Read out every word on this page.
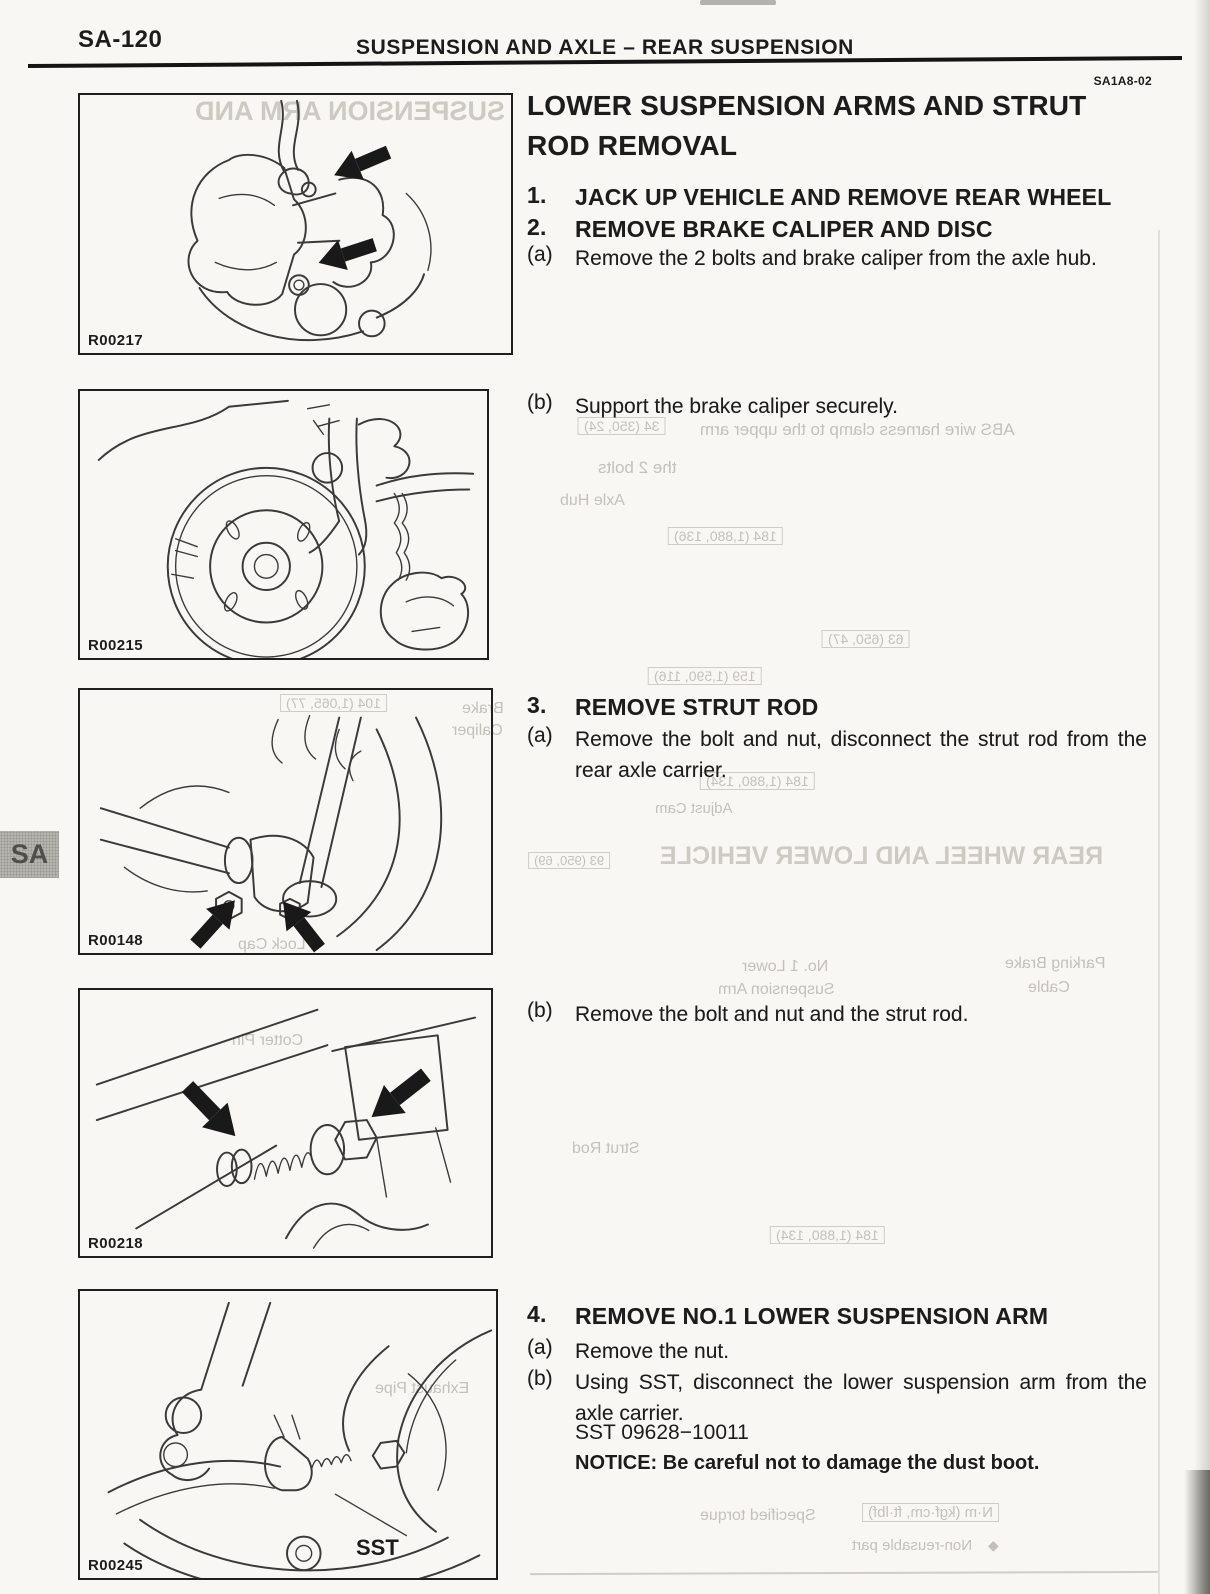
SA-120	SUSPENSION AND AXLE – REAR SUSPENSION
SA1A8-02
LOWER SUSPENSION ARMS AND STRUT ROD REMOVAL
1.	JACK UP VEHICLE AND REMOVE REAR WHEEL
2.	REMOVE BRAKE CALIPER AND DISC
(a)	Remove the 2 bolts and brake caliper from the axle hub.
(b)	Support the brake caliper securely.
3.	REMOVE STRUT ROD
(a)	Remove the bolt and nut, disconnect the strut rod from the rear axle carrier.
(b)	Remove the bolt and nut and the strut rod.
4.	REMOVE NO.1 LOWER SUSPENSION ARM
(a)	Remove the nut.
(b)	Using SST, disconnect the lower suspension arm from the axle carrier.
SST 09628−10011
NOTICE: Be careful not to damage the dust boot.
R00217
R00215
R00148
R00218
R00245
SST
SA
SUSPENSION ARM AND
34 (350, 24)	ABS wire harness clamp to the upper arm
the 2 bolts
Axle Hub
184 (1,880, 136)
63 (650, 47)
104 (1,065, 77)	Brake
Caliper
159 (1,590, 116)
184 (1,880, 134)
Adjust Cam
REAR WHEEL AND LOWER VEHICLE
93 (950, 69)
Lock Cap
No. 1 Lower
Suspension Arm
Parking Brake
Cable
Cotter Pin
Strut Rod
184 (1,880, 134)
Exhaust Pipe
Specified torque	N·m (kgf·cm, ft·lbf)
Non-reusable part ◆
